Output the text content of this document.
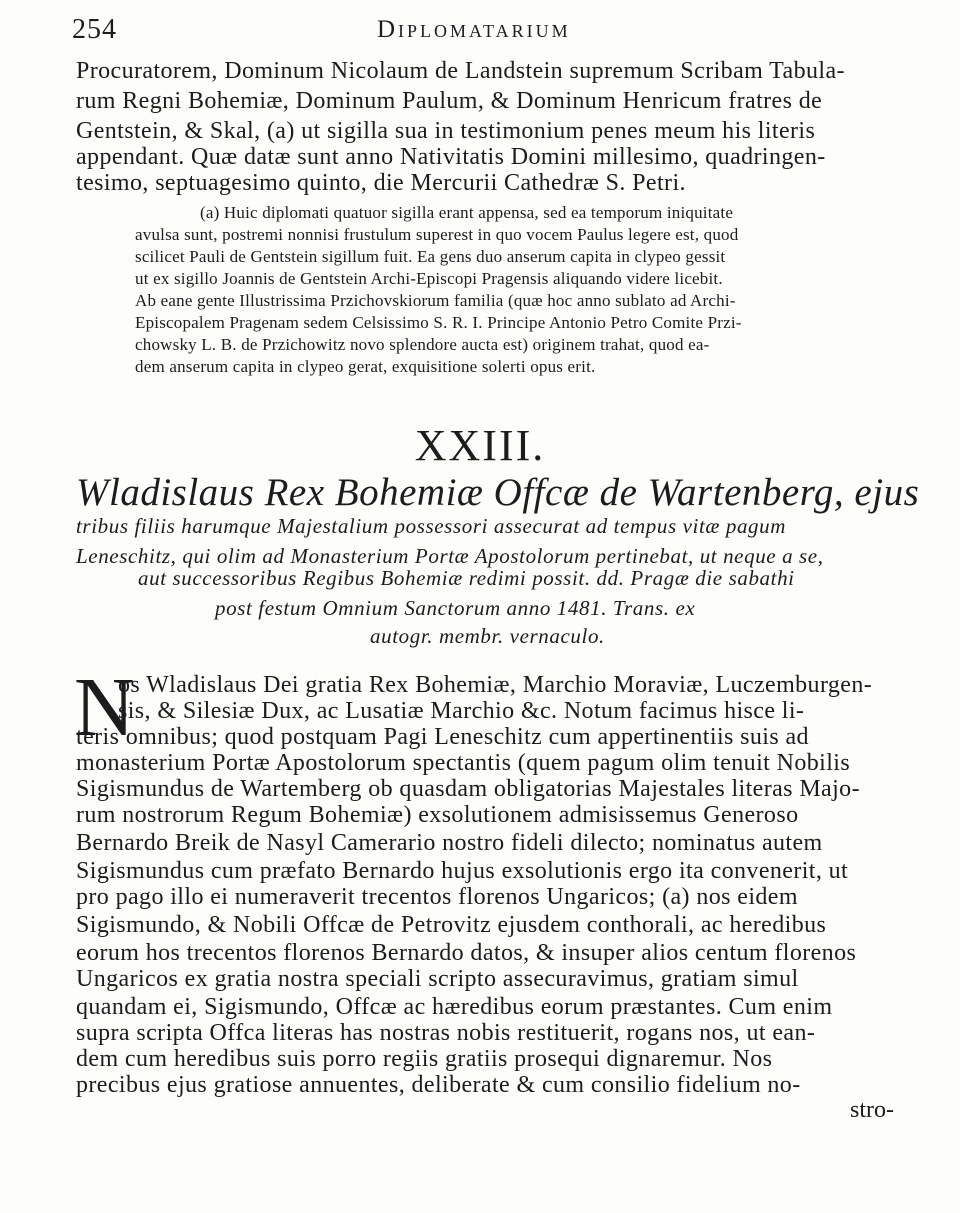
254	Diplomatarium
Procuratorem, Dominum Nicolaum de Landstein supremum Scribam Tabula-
rum Regni Bohemiæ, Dominum Paulum, & Dominum Henricum fratres de
Gentstein, & Skal, (a) ut sigilla sua in testimonium penes meum his literis
appendant. Quæ datæ sunt anno Nativitatis Domini millesimo, quadringen-
tesimo, septuagesimo quinto, die Mercurii Cathedræ S. Petri.
(a) Huic diplomati quatuor sigilla erant appensa, sed ea temporum iniquitate
avulsa sunt, postremi nonnisi frustulum superest in quo vocem Paulus legere est, quod
scilicet Pauli de Gentstein sigillum fuit. Ea gens duo anserum capita in clypeo gessit
ut ex sigillo Joannis de Gentstein Archi-Episcopi Pragensis aliquando videre licebit.
Ab eane gente Illustrissima Przichovskiorum familia (quæ hoc anno sublato ad Archi-
Episcopalem Pragenam sedem Celsissimo S. R. I. Principe Antonio Petro Comite Przi-
chowsky L. B. de Przichowitz novo splendore aucta est) originem trahat, quod ea-
dem anserum capita in clypeo gerat, exquisitione solerti opus erit.
XXIII.
Wladislaus Rex Bohemiæ Offcæ de Wartenberg, ejus
tribus filiis harumque Majestalium possessori assecurat ad tempus vitæ pagum
Leneschitz, qui olim ad Monasterium Portæ Apostolorum pertinebat, ut neque a se,
aut successoribus Regibus Bohemiæ redimi possit. dd. Pragæ die sabathi
post festum Omnium Sanctorum anno 1481. Trans. ex
autogr. membr. vernaculo.
N
os Wladislaus Dei gratia Rex Bohemiæ, Marchio Moraviæ, Luczemburgen-
sis, & Silesiæ Dux, ac Lusatiæ Marchio &c. Notum facimus hisce li-
teris omnibus; quod postquam Pagi Leneschitz cum appertinentiis suis ad
monasterium Portæ Apostolorum spectantis (quem pagum olim tenuit Nobilis
Sigismundus de Wartemberg ob quasdam obligatorias Majestales literas Majo-
rum nostrorum Regum Bohemiæ) exsolutionem admisissemus Generoso
Bernardo Breik de Nasyl Camerario nostro fideli dilecto; nominatus autem
Sigismundus cum præfato Bernardo hujus exsolutionis ergo ita convenerit, ut
pro pago illo ei numeraverit trecentos florenos Ungaricos; (a) nos eidem
Sigismundo, & Nobili Offcæ de Petrovitz ejusdem conthorali, ac heredibus
eorum hos trecentos florenos Bernardo datos, & insuper alios centum florenos
Ungaricos ex gratia nostra speciali scripto assecuravimus, gratiam simul
quandam ei, Sigismundo, Offcæ ac hæredibus eorum præstantes. Cum enim
supra scripta Offca literas has nostras nobis restituerit, rogans nos, ut ean-
dem cum heredibus suis porro regiis gratiis prosequi dignaremur. Nos
precibus ejus gratiose annuentes, deliberate & cum consilio fidelium no-
stro-
